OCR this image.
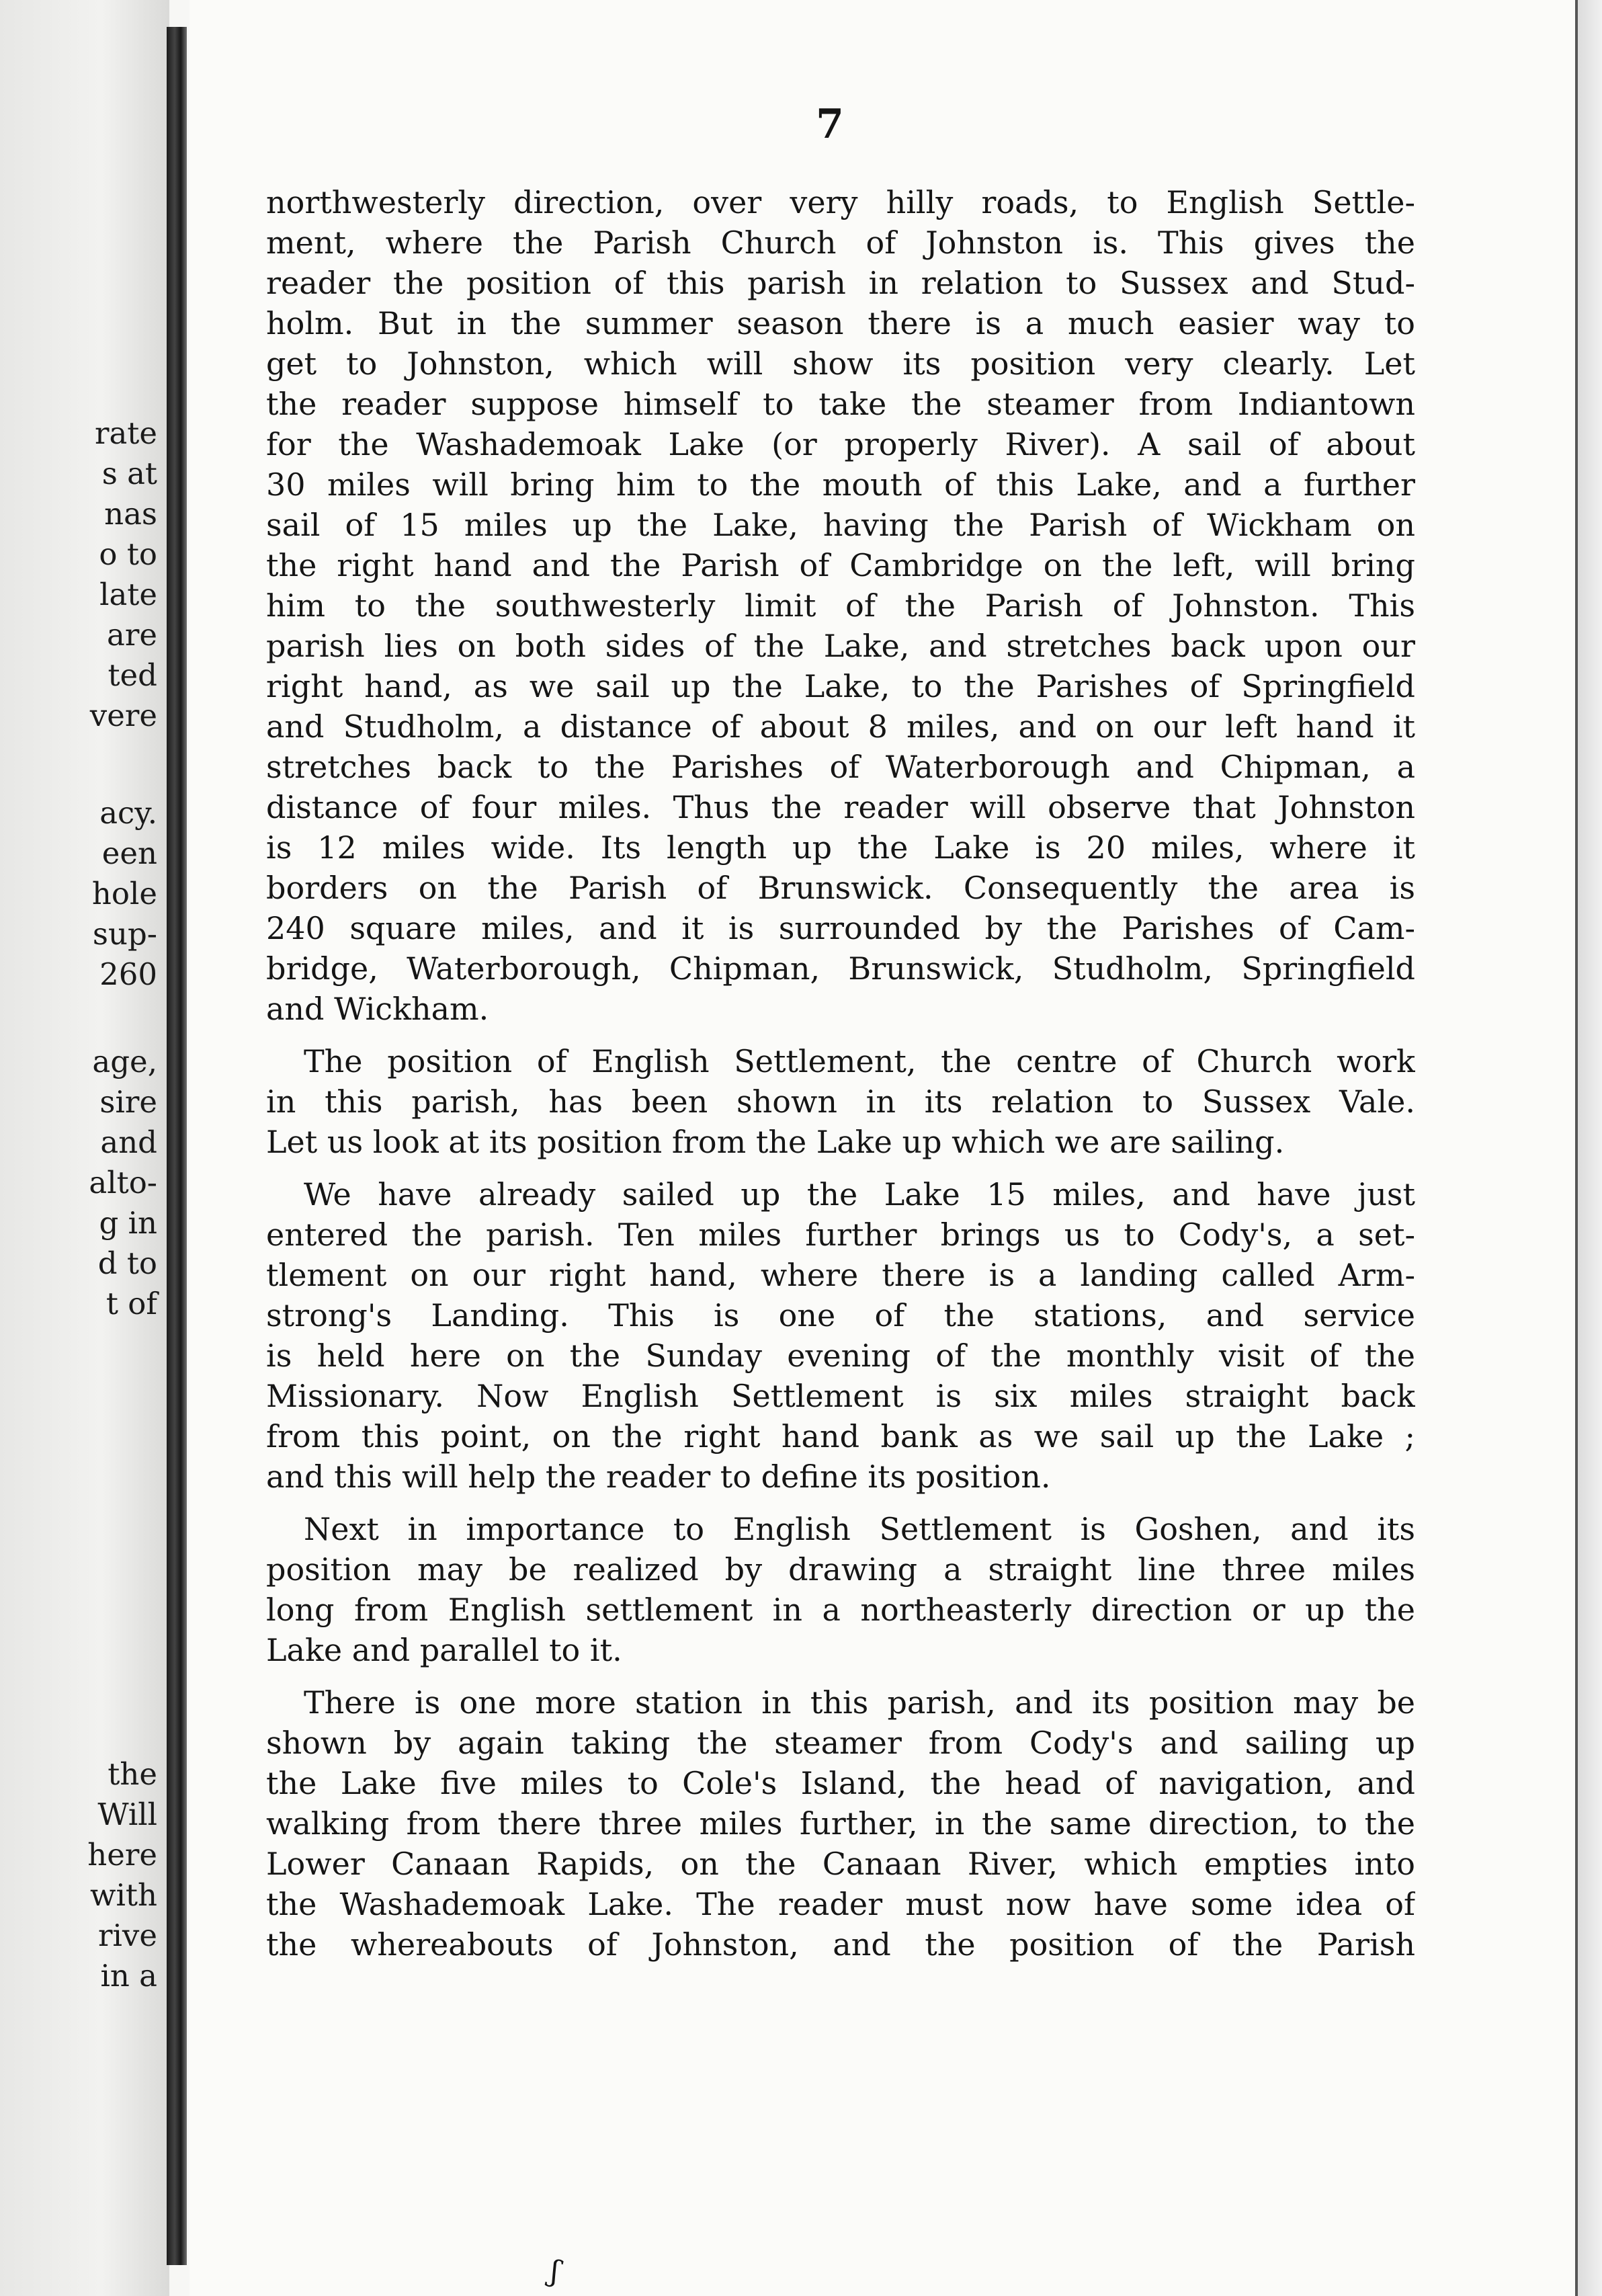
rate
s at
nas
o to
late
are
ted
vere
acy.
een
hole
sup-
260
age,
sire
and
alto-
g in
d to
t of
the
Will
here
with
rive
in a
7
northwesterly direction, over very hilly roads, to English Settle-
ment, where the Parish Church of Johnston is. This gives the
reader the position of this parish in relation to Sussex and Stud-
holm. But in the summer season there is a much easier way to
get to Johnston, which will show its position very clearly. Let
the reader suppose himself to take the steamer from Indiantown
for the Washademoak Lake (or properly River). A sail of about
30 miles will bring him to the mouth of this Lake, and a further
sail of 15 miles up the Lake, having the Parish of Wickham on
the right hand and the Parish of Cambridge on the left, will bring
him to the southwesterly limit of the Parish of Johnston. This
parish lies on both sides of the Lake, and stretches back upon our
right hand, as we sail up the Lake, to the Parishes of Springfield
and Studholm, a distance of about 8 miles, and on our left hand it
stretches back to the Parishes of Waterborough and Chipman, a
distance of four miles. Thus the reader will observe that Johnston
is 12 miles wide. Its length up the Lake is 20 miles, where it
borders on the Parish of Brunswick. Consequently the area is
240 square miles, and it is surrounded by the Parishes of Cam-
bridge, Waterborough, Chipman, Brunswick, Studholm, Springfield
and Wickham.
The position of English Settlement, the centre of Church work
in this parish, has been shown in its relation to Sussex Vale.
Let us look at its position from the Lake up which we are sailing.
We have already sailed up the Lake 15 miles, and have just
entered the parish. Ten miles further brings us to Cody's, a set-
tlement on our right hand, where there is a landing called Arm-
strong's Landing. This is one of the stations, and service
is held here on the Sunday evening of the monthly visit of the
Missionary. Now English Settlement is six miles straight back
from this point, on the right hand bank as we sail up the Lake ;
and this will help the reader to define its position.
Next in importance to English Settlement is Goshen, and its
position may be realized by drawing a straight line three miles
long from English settlement in a northeasterly direction or up the
Lake and parallel to it.
There is one more station in this parish, and its position may be
shown by again taking the steamer from Cody's and sailing up
the Lake five miles to Cole's Island, the head of navigation, and
walking from there three miles further, in the same direction, to the
Lower Canaan Rapids, on the Canaan River, which empties into
the Washademoak Lake. The reader must now have some idea of
the whereabouts of Johnston, and the position of the Parish
ʃ
